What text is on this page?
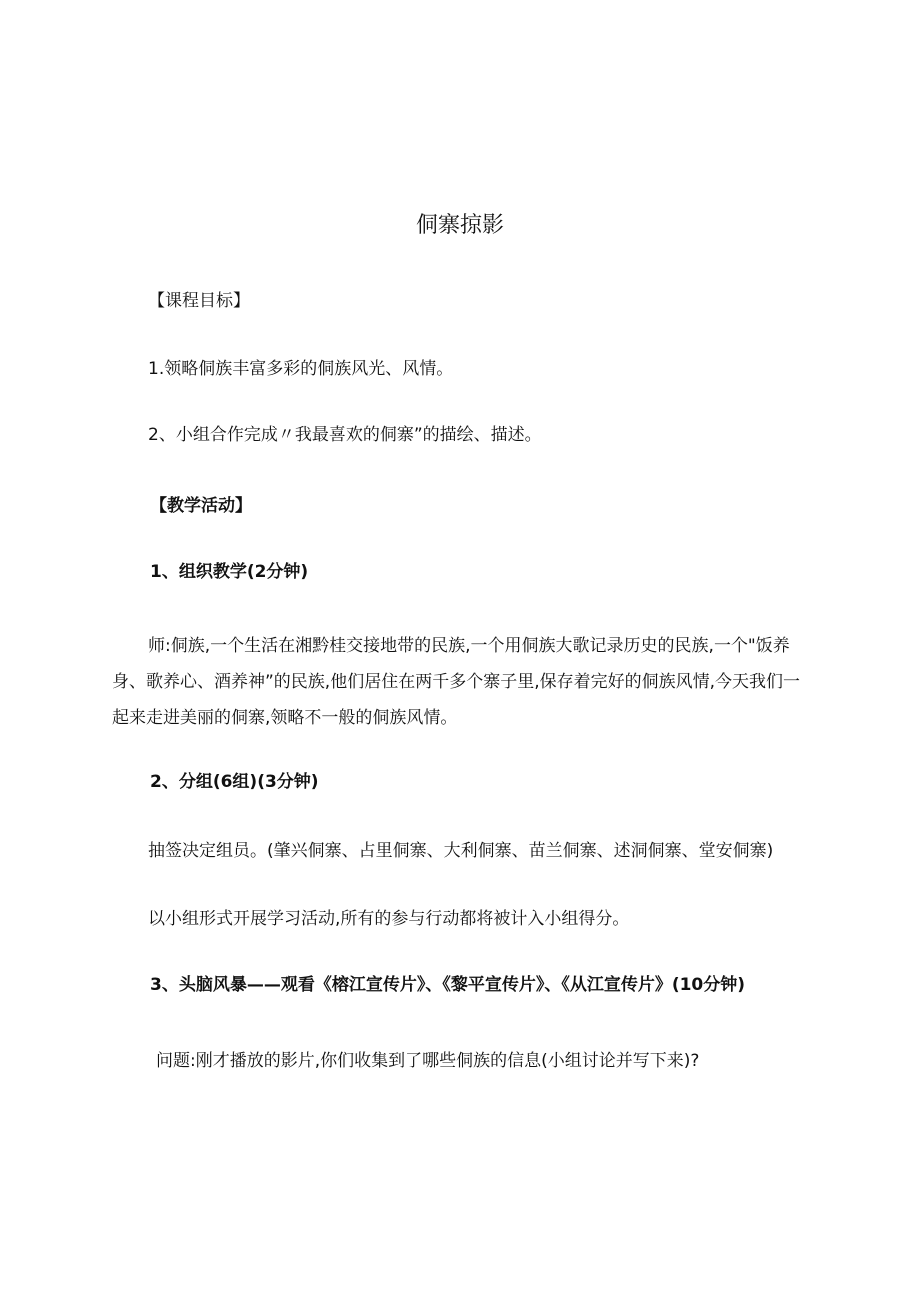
侗寨掠影
【课程目标】
1.领略侗族丰富多彩的侗族风光、风情。
2、小组合作完成〃我最喜欢的侗寨”的描绘、描述。
【教学活动】
1、组织教学(2分钟)
师:侗族,一个生活在湘黔桂交接地带的民族,一个用侗族大歌记录历史的民族,一个"饭养身、歌养心、酒养神”的民族,他们居住在两千多个寨子里,保存着完好的侗族风情,今天我们一起来走进美丽的侗寨,领略不一般的侗族风情。
2、分组(6组)(3分钟)
抽签决定组员。(肇兴侗寨、占里侗寨、大利侗寨、苗兰侗寨、述洞侗寨、堂安侗寨)
以小组形式开展学习活动,所有的参与行动都将被计入小组得分。
3、头脑风暴——观看《榕江宣传片》、《黎平宣传片》、《从江宣传片》(10分钟)
问题:刚才播放的影片,你们收集到了哪些侗族的信息(小组讨论并写下来)?
